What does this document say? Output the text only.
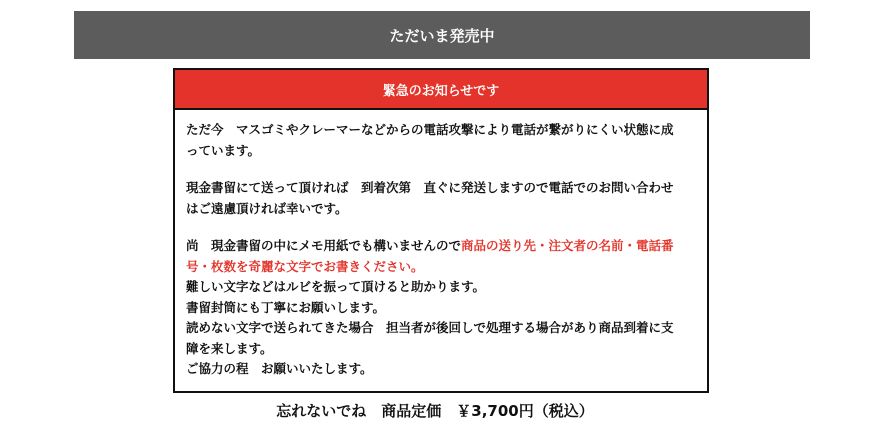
ただいま発売中
緊急のお知らせです
ただ今　マスゴミやクレーマーなどからの電話攻撃により電話が繋がりにくい状態に成
っています。
現金書留にて送って頂ければ　到着次第　直ぐに発送しますので電話でのお問い合わせ
はご遠慮頂ければ幸いです。
尚　現金書留の中にメモ用紙でも構いませんので商品の送り先・注文者の名前・電話番
号・枚数を奇麗な文字でお書きください。
難しい文字などはルビを振って頂けると助かります。
書留封筒にも丁寧にお願いします。
読めない文字で送られてきた場合　担当者が後回しで処理する場合があり商品到着に支
障を来します。
ご協力の程　お願いいたします。
忘れないでね　商品定価　￥3,700円（税込）
